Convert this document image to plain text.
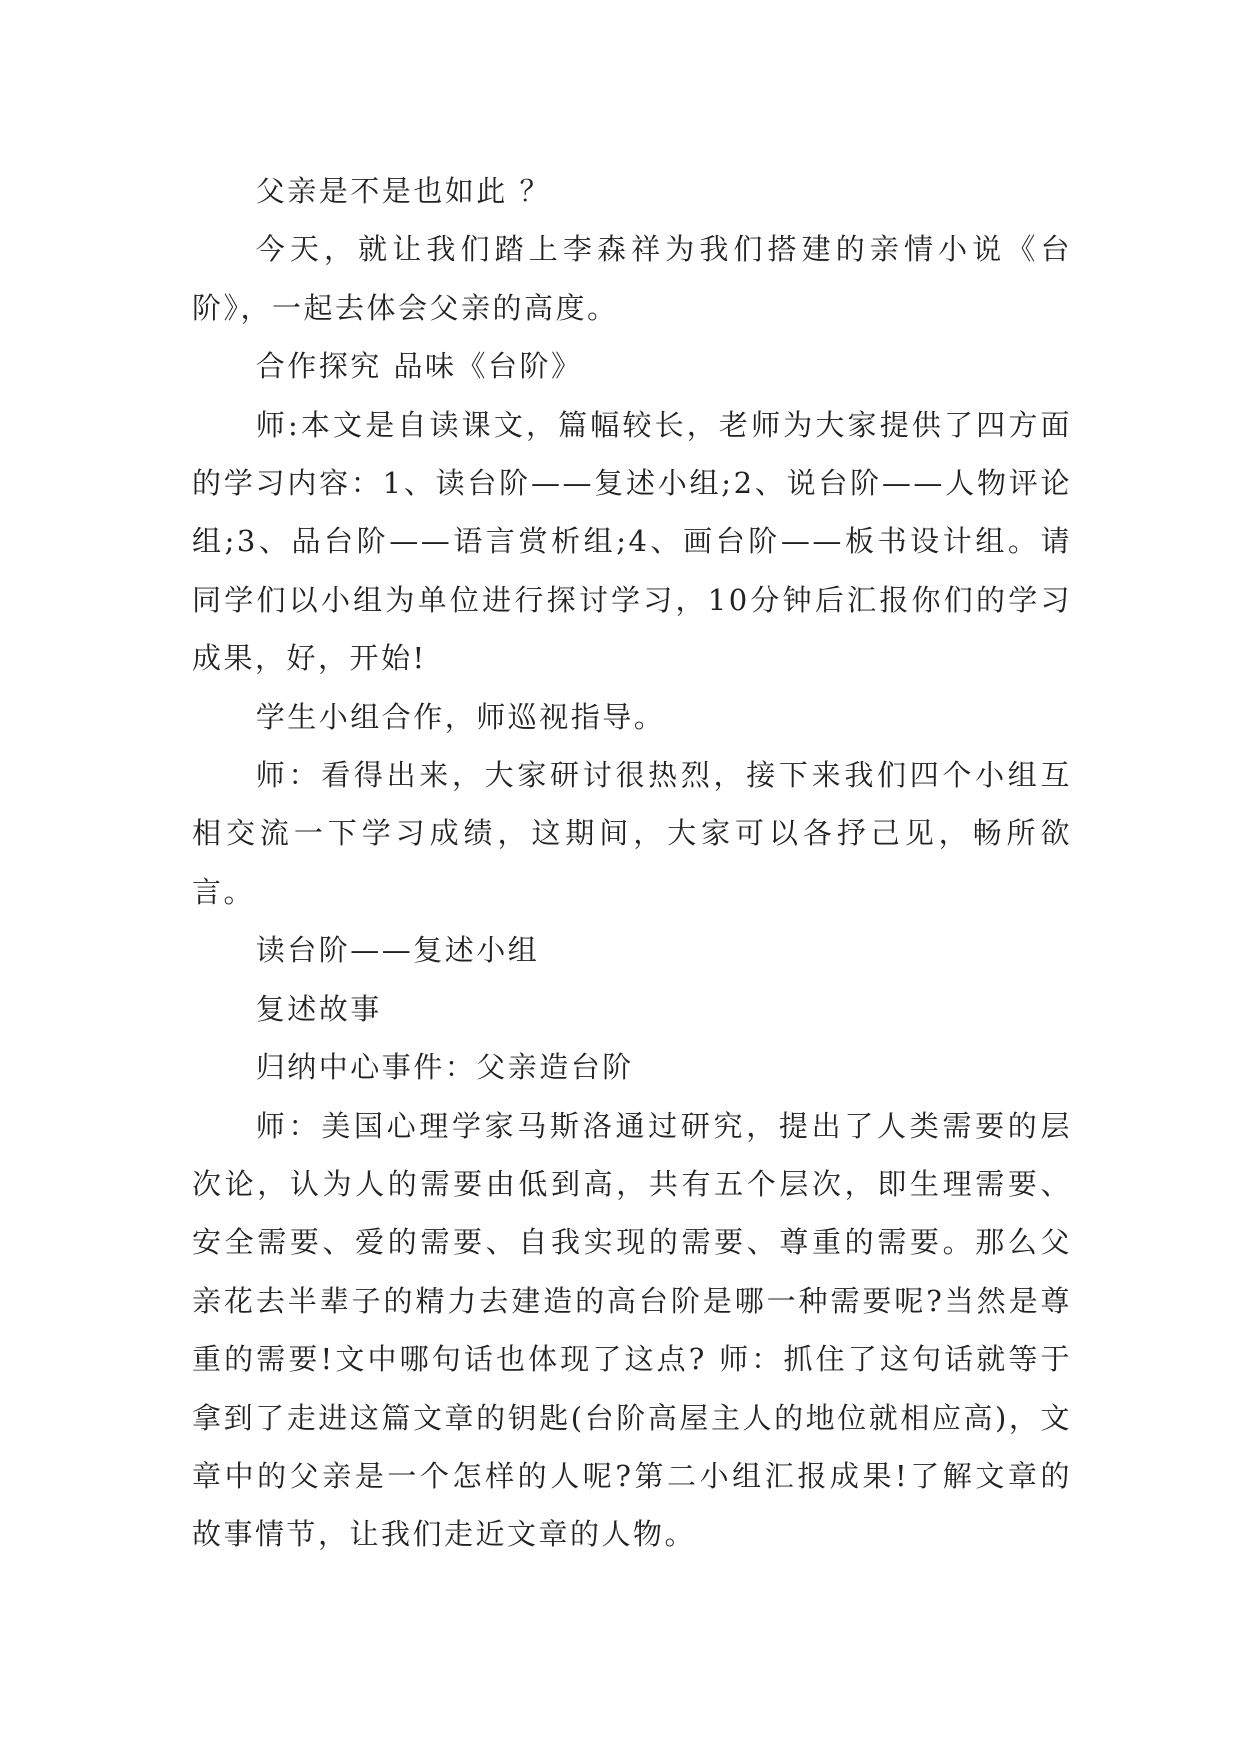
父亲是不是也如此 ？

今天，就让我们踏上李森祥为我们搭建的亲情小说《台阶》，一起去体会父亲的高度。

合作探究 品味《台阶》

师:本文是自读课文，篇幅较长，老师为大家提供了四方面的学习内容：1、读台阶——复述小组;2、说台阶——人物评论组;3、品台阶——语言赏析组;4、画台阶——板书设计组。请同学们以小组为单位进行探讨学习，10分钟后汇报你们的学习成果，好，开始!

学生小组合作，师巡视指导。

师：看得出来，大家研讨很热烈，接下来我们四个小组互相交流一下学习成绩，这期间，大家可以各抒己见，畅所欲言。

读台阶——复述小组

复述故事

归纳中心事件：父亲造台阶

师：美国心理学家马斯洛通过研究，提出了人类需要的层次论，认为人的需要由低到高，共有五个层次，即生理需要、安全需要、爱的需要、自我实现的需要、尊重的需要。那么父亲花去半辈子的精力去建造的高台阶是哪一种需要呢?当然是尊重的需要!文中哪句话也体现了这点? 师：抓住了这句话就等于拿到了走进这篇文章的钥匙(台阶高屋主人的地位就相应高)，文章中的父亲是一个怎样的人呢?第二小组汇报成果!了解文章的故事情节，让我们走近文章的人物。
